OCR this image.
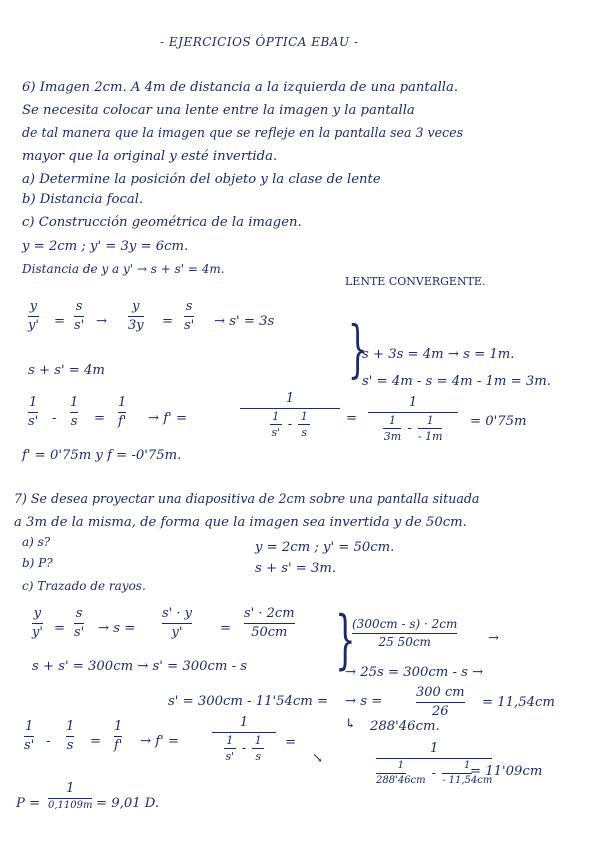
- EJERCICIOS ÓPTICA EBAU -
6) Imagen 2cm. A 4m de distancia a la izquierda de una pantalla.
Se necesita colocar una lente entre la imagen y la pantalla
de tal manera que la imagen que se refleje en la pantalla sea 3 veces
mayor que la original y esté invertida.
a) Determine la posición del objeto y la clase de lente
b) Distancia focal.
c) Construcción geométrica de la imagen.
y = 2cm ; y' = 3y = 6cm.
Distancia de y a y' → s + s' = 4m.
LENTE CONVERGENTE.
y
y' =
s
s' →
y
3y =
s
s' → s' = 3s
s + s' = 4m	}
s + 3s = 4m → s = 1m.
s' = 4m - s = 4m - 1m = 3m.
1
s' -
1
s =
1
f' → f' =
1
1
s'
-
1
s
=
1
1
3m
-
1
- 1m
= 0'75m
f' = 0'75m y f = -0'75m.
7) Se desea proyectar una diapositiva de 2cm sobre una pantalla situada
a 3m de la misma, de forma que la imagen sea invertida y de 50cm.
a) s?
b) P?
c) Trazado de rayos.
y = 2cm ; y' = 50cm.
s + s' = 3m.
y
y' =
s
s' → s =
s' · y
y'	=
s' · 2cm
50cm }
(300cm - s) · 2cm
25 50cm	→
s + s' = 300cm → s' = 300cm - s	→ 25s = 300cm - s →
→ s =
300 cm
26
= 11,54cm
s' = 300cm - 11'54cm =
288'46cm.
↳
1
s' -
1
s =
1
f' → f' =
1
1
s'
-
1
s
=
↘
1
1
288'46cm -
1
- 11,54cm
= 11'09cm
P =
1
0,1109m = 9,01 D.
